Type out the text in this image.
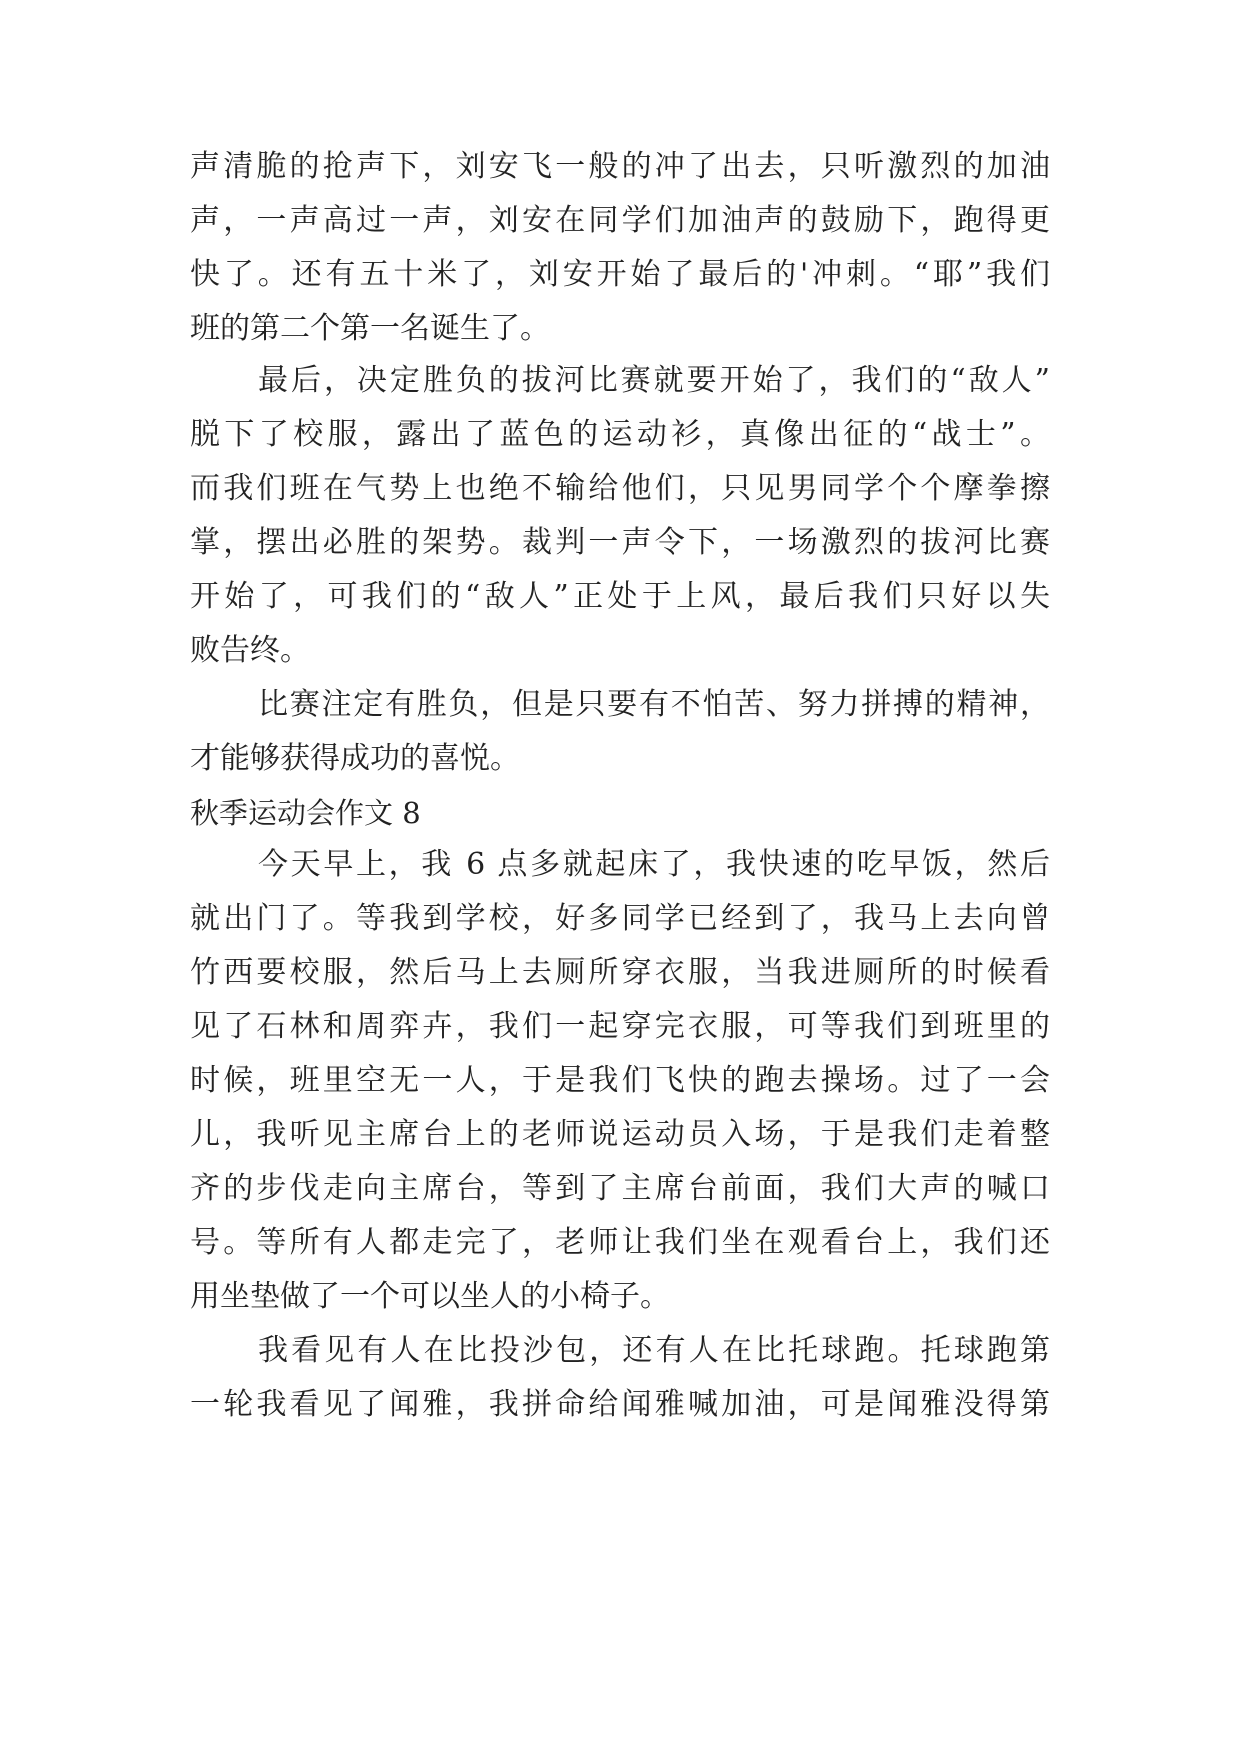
声清脆的抢声下，刘安飞一般的冲了出去，只听激烈的加油
声，一声高过一声，刘安在同学们加油声的鼓励下，跑得更
快了。还有五十米了，刘安开始了最后的'冲刺。“耶”我们
班的第二个第一名诞生了。
最后，决定胜负的拔河比赛就要开始了，我们的“敌人”
脱下了校服，露出了蓝色的运动衫，真像出征的“战士”。
而我们班在气势上也绝不输给他们，只见男同学个个摩拳擦
掌，摆出必胜的架势。裁判一声令下，一场激烈的拔河比赛
开始了，可我们的“敌人”正处于上风，最后我们只好以失
败告终。
比赛注定有胜负，但是只要有不怕苦、努力拼搏的精神，
才能够获得成功的喜悦。
秋季运动会作文 8
今天早上，我 6 点多就起床了，我快速的吃早饭，然后
就出门了。等我到学校，好多同学已经到了，我马上去向曾
竹西要校服，然后马上去厕所穿衣服，当我进厕所的时候看
见了石林和周弈卉，我们一起穿完衣服，可等我们到班里的
时候，班里空无一人，于是我们飞快的跑去操场。过了一会
儿，我听见主席台上的老师说运动员入场，于是我们走着整
齐的步伐走向主席台，等到了主席台前面，我们大声的喊口
号。等所有人都走完了，老师让我们坐在观看台上，我们还
用坐垫做了一个可以坐人的小椅子。
我看见有人在比投沙包，还有人在比托球跑。托球跑第
一轮我看见了闻雅，我拼命给闻雅喊加油，可是闻雅没得第
